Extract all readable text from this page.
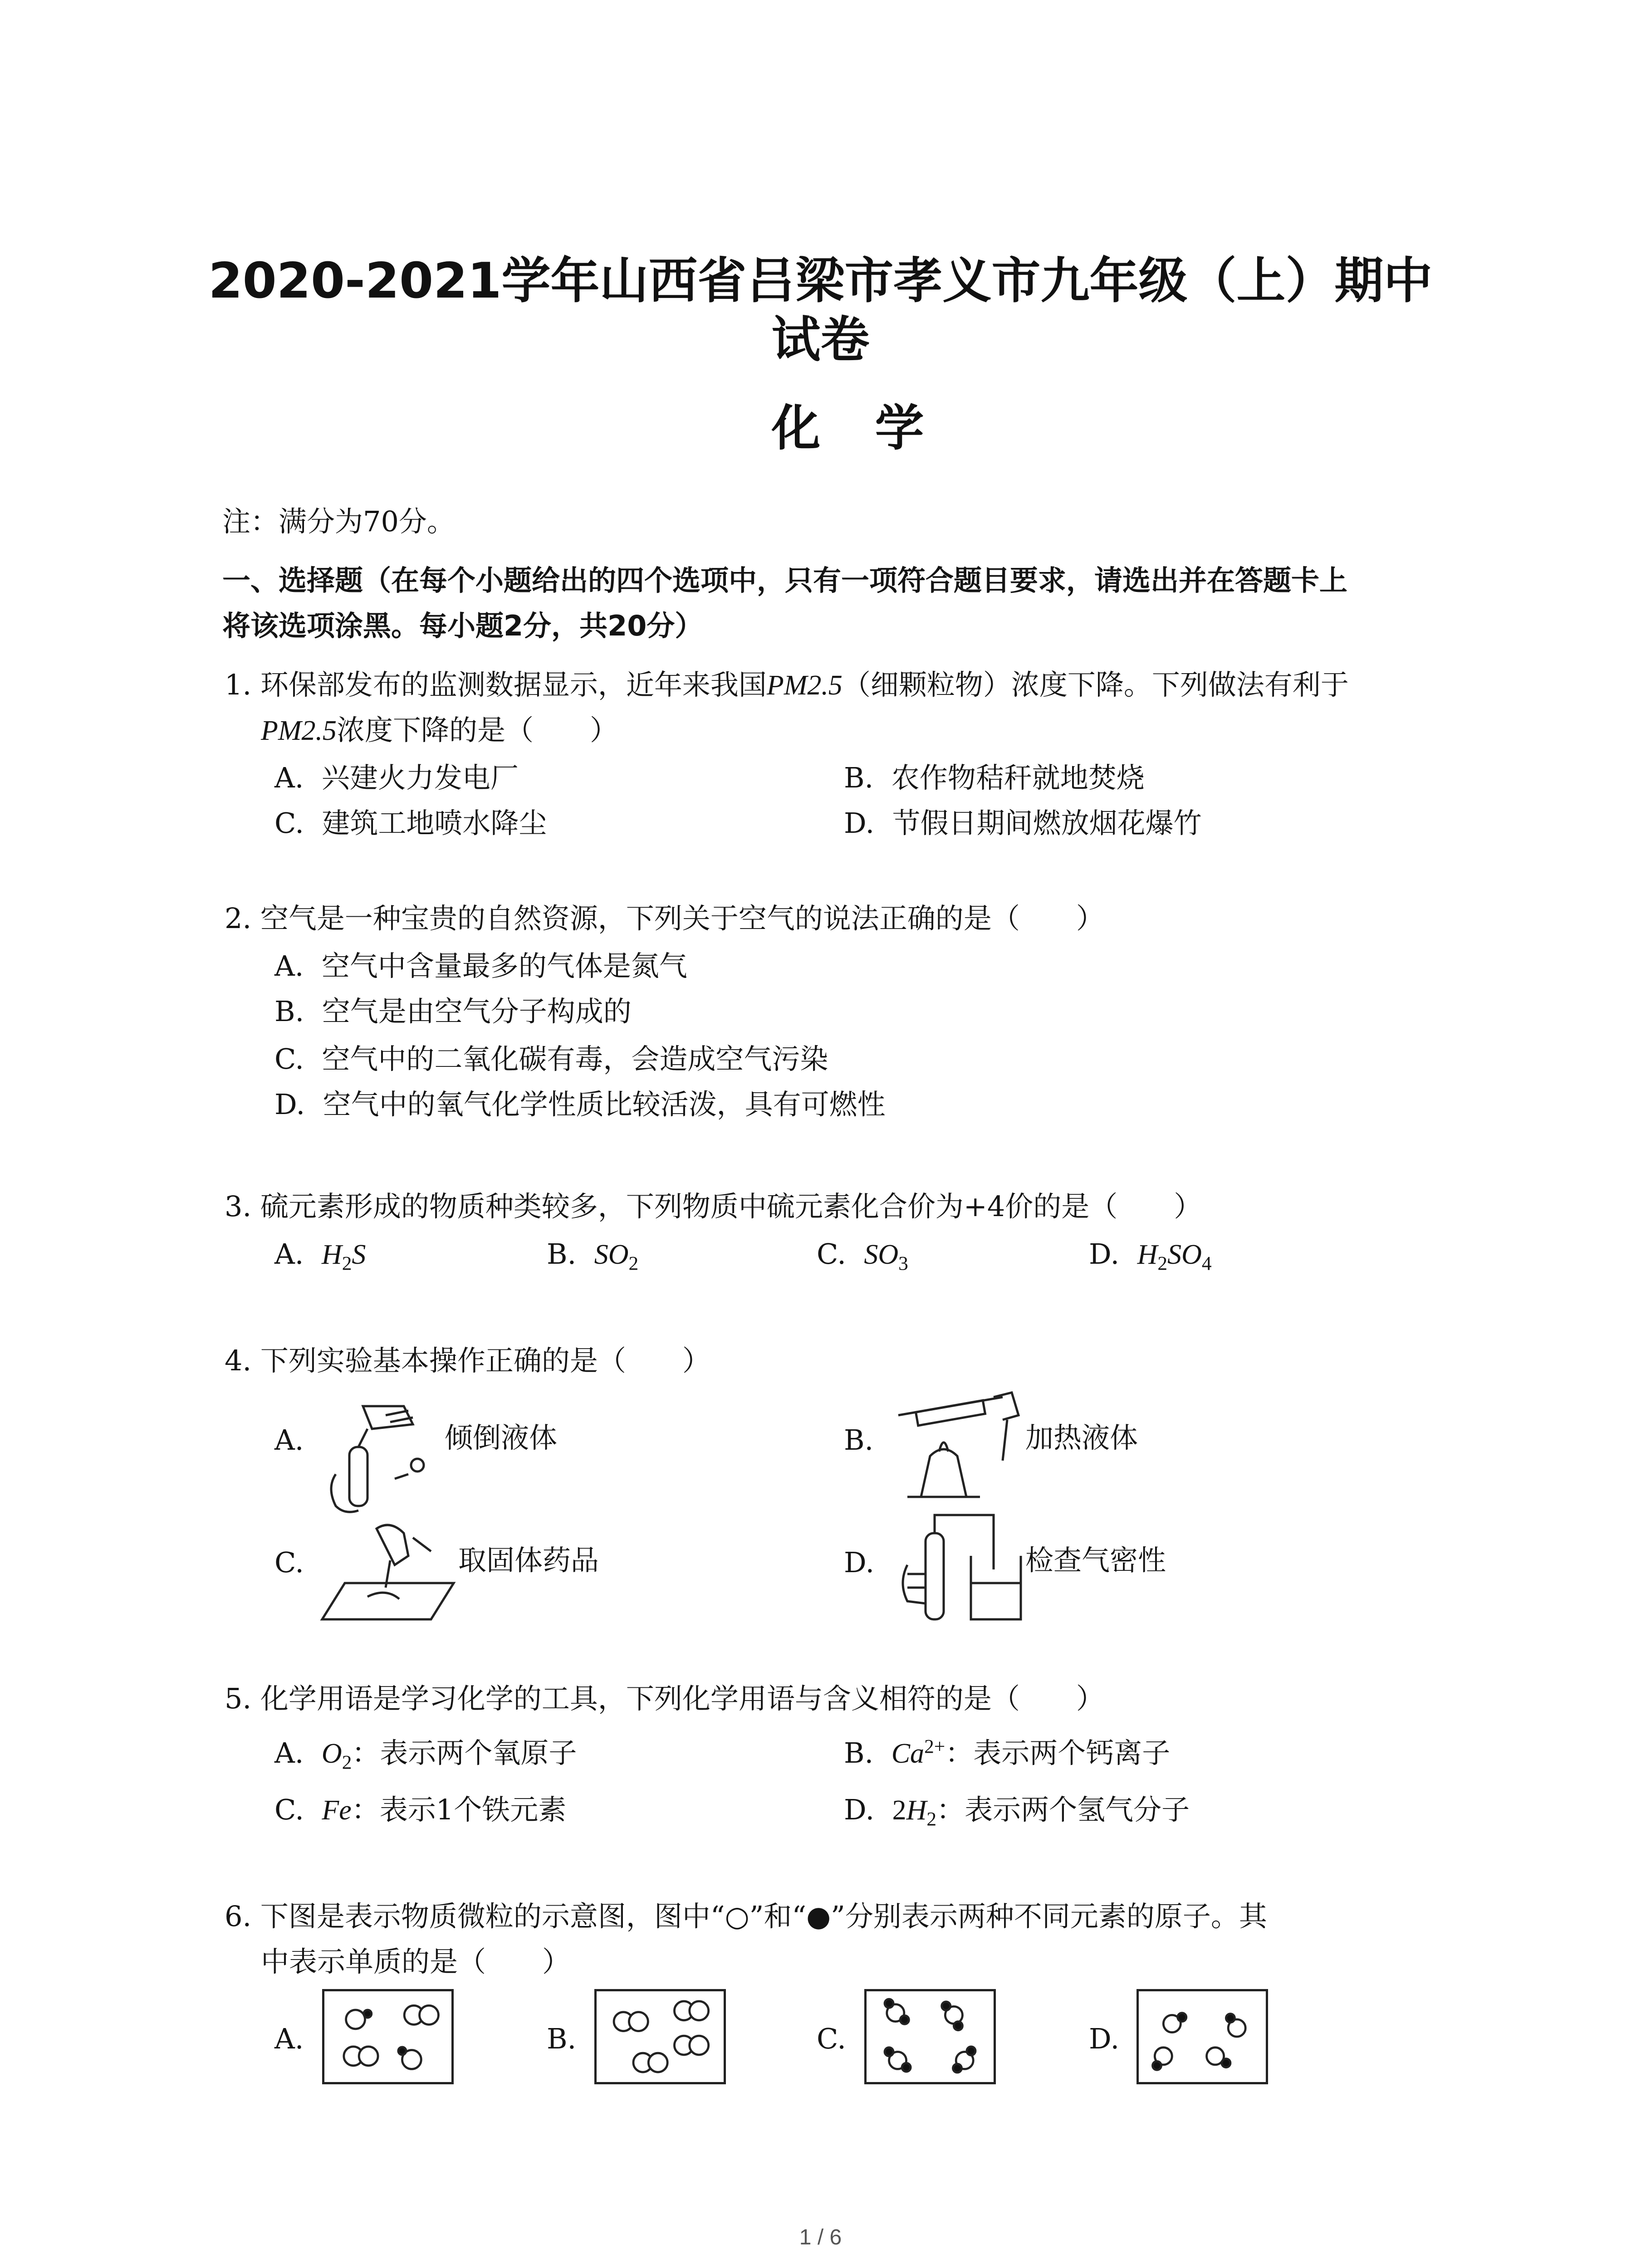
2020-2021学年山西省吕梁市孝义市九年级（上）期中
试卷
化学
注：满分为70分。
一、选择题（在每个小题给出的四个选项中，只有一项符合题目要求，请选出并在答题卡上
将该选项涂黑。每小题2分，共20分）
1. 环保部发布的监测数据显示，近年来我国PM2.5（细颗粒物）浓度下降。下列做法有利于
PM2.5浓度下降的是（　　）
A. 兴建火力发电厂	B. 农作物秸秆就地焚烧
C. 建筑工地喷水降尘	D. 节假日期间燃放烟花爆竹
2. 空气是一种宝贵的自然资源，下列关于空气的说法正确的是（　　）
A. 空气中含量最多的气体是氮气
B. 空气是由空气分子构成的
C. 空气中的二氧化碳有毒，会造成空气污染
D. 空气中的氧气化学性质比较活泼，具有可燃性
3. 硫元素形成的物质种类较多，下列物质中硫元素化合价为+4价的是（　　）
A. $H_2S$	B. $SO_2$	C. $SO_3$	D. $H_2SO_4$
4. 下列实验基本操作正确的是（　　）
A.	倾倒液体	B.	加热液体
C.	取固体药品	D.	检查气密性
5. 化学用语是学习化学的工具，下列化学用语与含义相符的是（　　）
A. $O_2$：表示两个氧原子	B. $Ca^{2+}$：表示两个钙离子
C. Fe：表示1个铁元素	D. $2H_2$：表示两个氢气分子
6. 下图是表示物质微粒的示意图，图中“○”和“●”分别表示两种不同元素的原子。其
中表示单质的是（　　）
A.	B.	C.	D.
1 / 6
